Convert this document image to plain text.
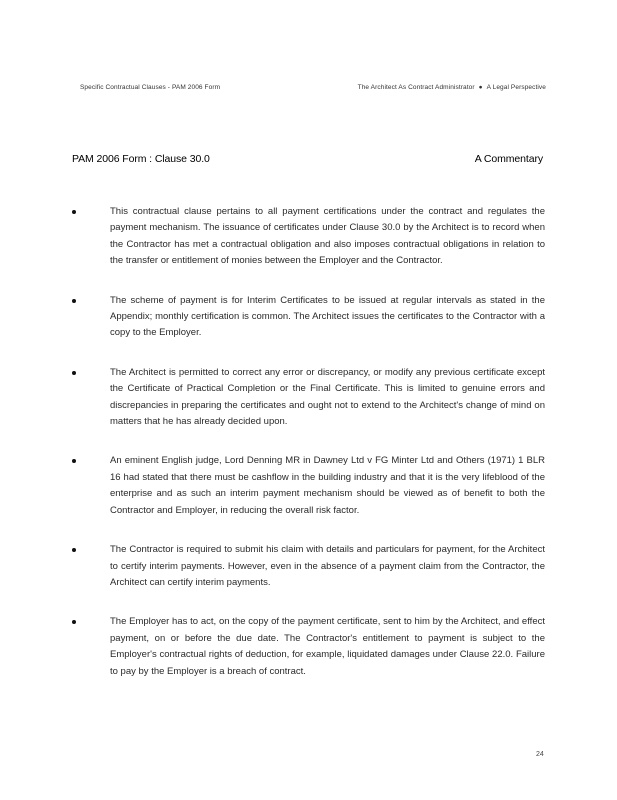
Specific Contractual Clauses - PAM 2006 Form	The Architect As Contract Administrator ● A Legal Perspective
PAM 2006 Form : Clause 30.0	A Commentary
This contractual clause pertains to all payment certifications under the contract and regulates the payment mechanism. The issuance of certificates under Clause 30.0 by the Architect is to record when the Contractor has met a contractual obligation and also imposes contractual obligations in relation to the transfer or entitlement of monies between the Employer and the Contractor.
The scheme of payment is for Interim Certificates to be issued at regular intervals as stated in the Appendix; monthly certification is common. The Architect issues the certificates to the Contractor with a copy to the Employer.
The Architect is permitted to correct any error or discrepancy, or modify any previous certificate except the Certificate of Practical Completion or the Final Certificate. This is limited to genuine errors and discrepancies in preparing the certificates and ought not to extend to the Architect's change of mind on matters that he has already decided upon.
An eminent English judge, Lord Denning MR in Dawney Ltd v FG Minter Ltd and Others (1971) 1 BLR 16 had stated that there must be cashflow in the building industry and that it is the very lifeblood of the enterprise and as such an interim payment mechanism should be viewed as of benefit to both the Contractor and Employer, in reducing the overall risk factor.
The Contractor is required to submit his claim with details and particulars for payment, for the Architect to certify interim payments. However, even in the absence of a payment claim from the Contractor, the Architect can certify interim payments.
The Employer has to act, on the copy of the payment certificate, sent to him by the Architect, and effect payment, on or before the due date. The Contractor's entitlement to payment is subject to the Employer's contractual rights of deduction, for example, liquidated damages under Clause 22.0. Failure to pay by the Employer is a breach of contract.
24
